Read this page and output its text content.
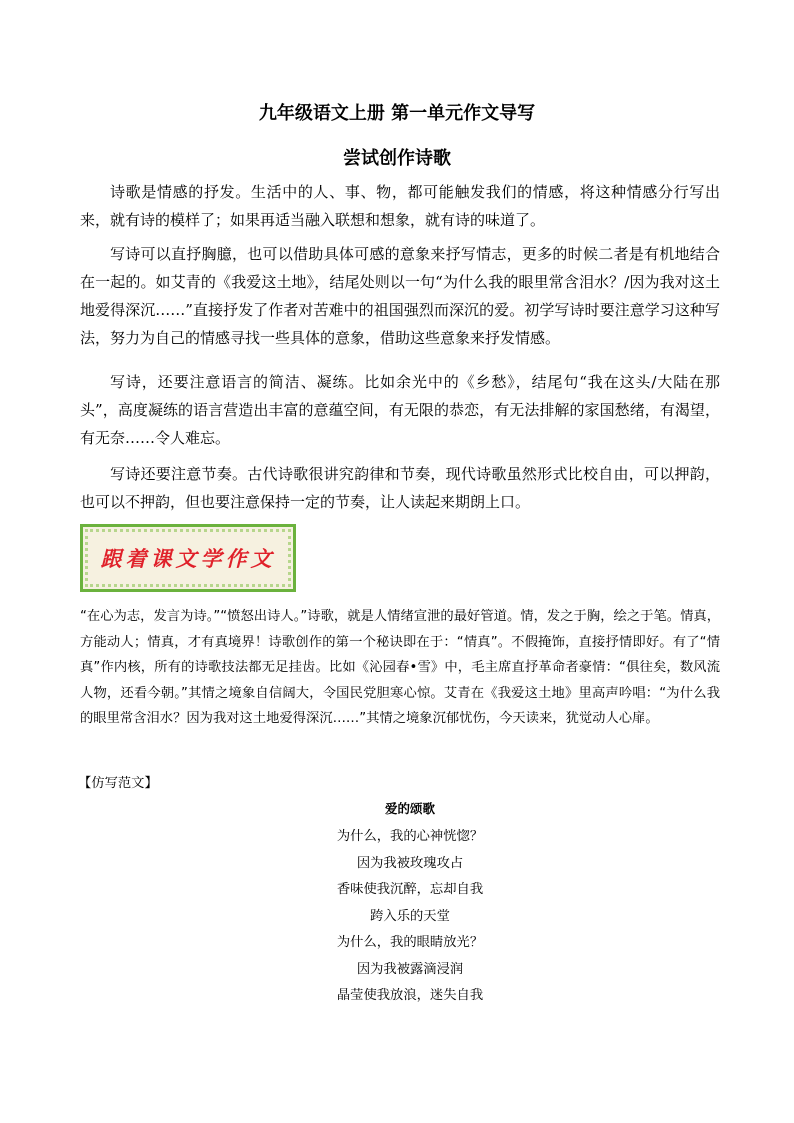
九年级语文上册 第一单元作文导写
尝试创作诗歌

诗歌是情感的抒发。生活中的人、事、物，都可能触发我们的情感，将这种情感分行写出来，就有诗的模样了；如果再适当融入联想和想象，就有诗的味道了。

写诗可以直抒胸臆，也可以借助具体可感的意象来抒写情志，更多的时候二者是有机地结合在一起的。如艾青的《我爱这土地》，结尾处则以一句“为什么我的眼里常含泪水？/因为我对这土地爱得深沉……”直接抒发了作者对苦难中的祖国强烈而深沉的爱。初学写诗时要注意学习这种写法，努力为自己的情感寻找一些具体的意象，借助这些意象来抒发情感。

写诗，还要注意语言的简洁、凝练。比如余光中的《乡愁》，结尾句“我在这头/大陆在那头”，高度凝练的语言营造出丰富的意蕴空间，有无限的恭恋，有无法排解的家国愁绪，有渴望，有无奈……令人难忘。

写诗还要注意节奏。古代诗歌很讲究韵律和节奏，现代诗歌虽然形式比校自由，可以押韵，也可以不押韵，但也要注意保持一定的节奏，让人读起来期朗上口。

跟着课文学作文

“在心为志，发言为诗。”“愤怒出诗人。”诗歌，就是人情绪宣泄的最好管道。情，发之于胸，绘之于笔。情真，方能动人；情真，才有真境界！诗歌创作的第一个秘诀即在于：“情真”。不假掩饰，直接抒情即好。有了“情真”作内核，所有的诗歌技法都无足挂齿。比如《沁园春•雪》中，毛主席直抒革命者豪情：“俱往矣，数风流人物，还看今朝。”其情之境象自信阔大，令国民党胆寒心惊。艾青在《我爱这土地》里高声吟唱：“为什么我的眼里常含泪水？因为我对这土地爱得深沉……”其情之境象沉郁忧伤，今天读来，犹觉动人心扉。

【仿写范文】
爱的颂歌
为什么，我的心神恍惚？
因为我被玫瑰攻占
香味使我沉醉，忘却自我
跨入乐的天堂
为什么，我的眼睛放光？
因为我被露滴浸润
晶莹使我放浪，迷失自我
